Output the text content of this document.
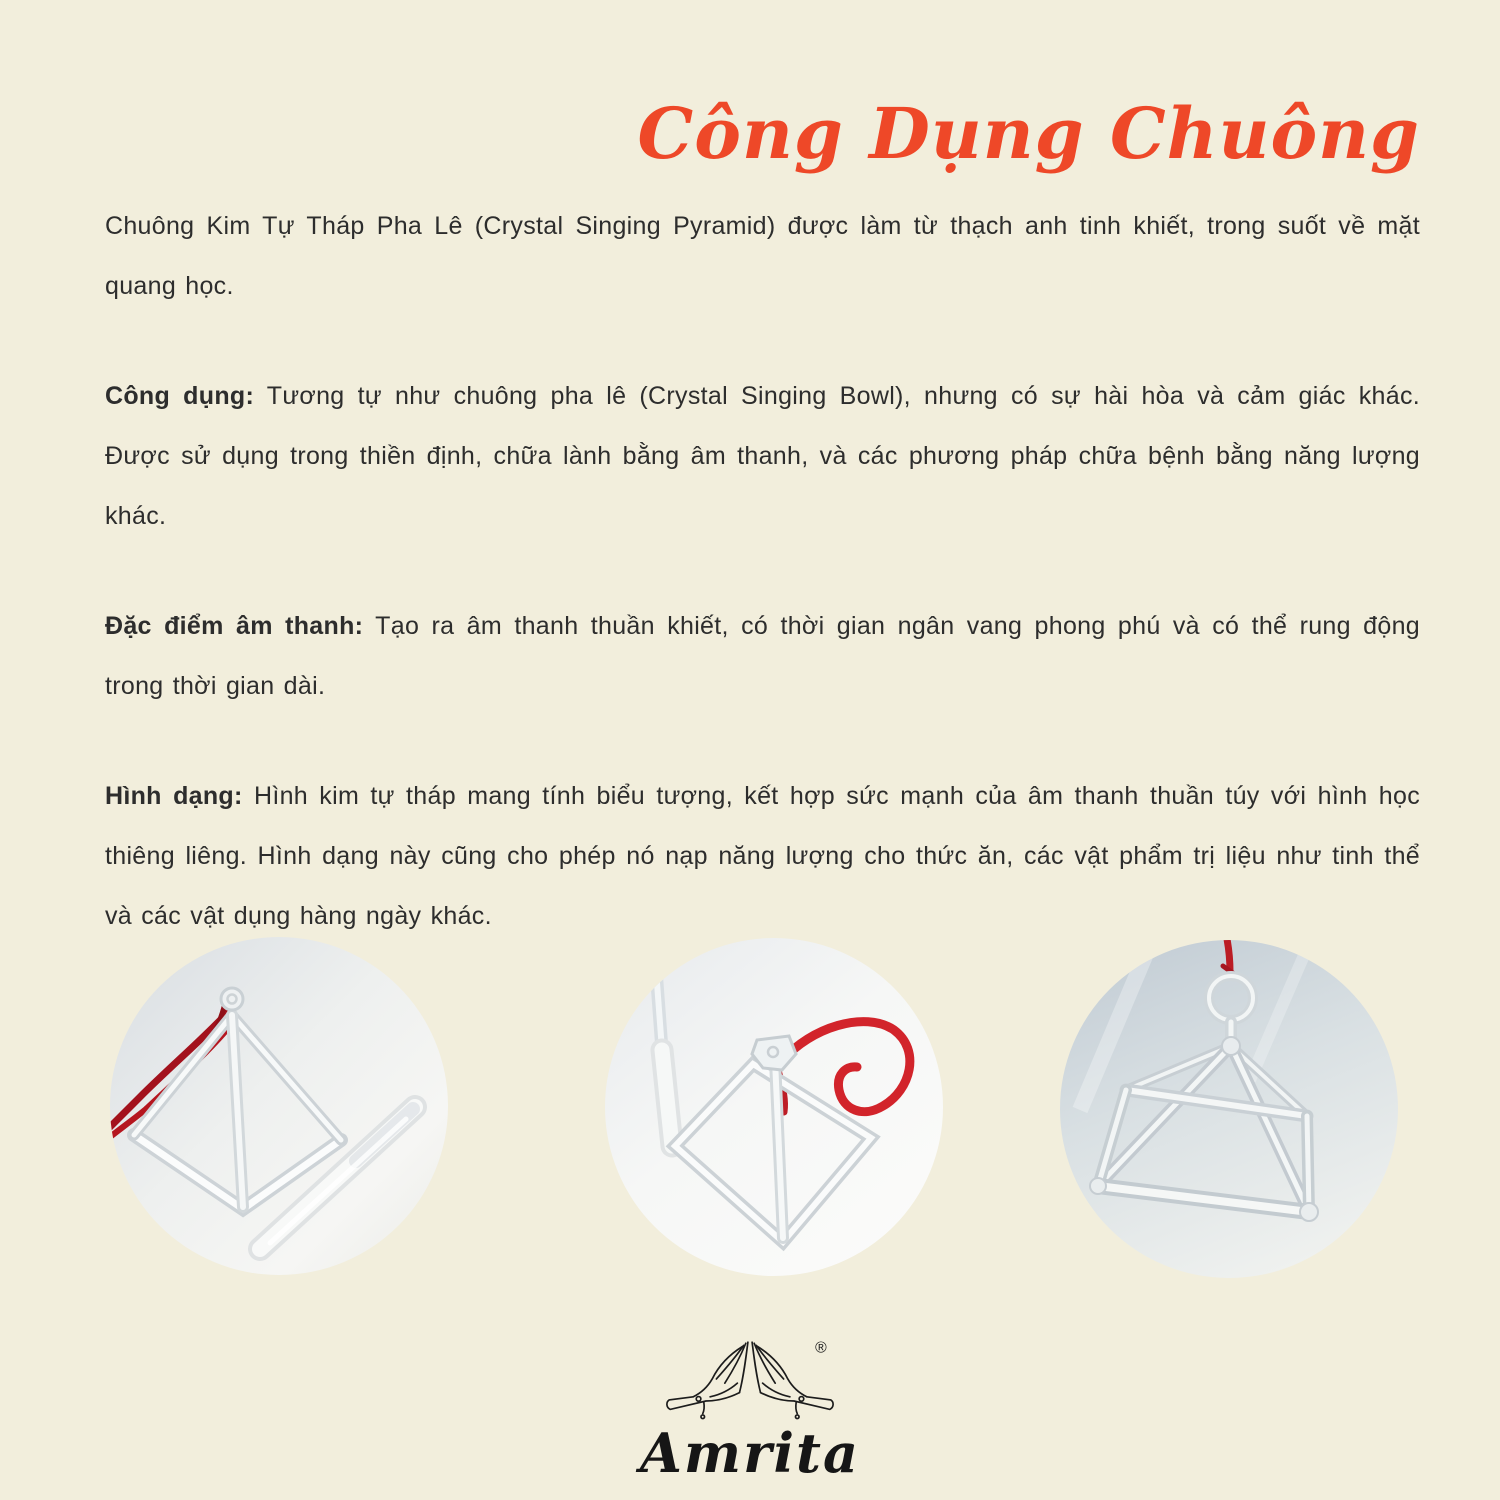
Công Dụng Chuông

Chuông Kim Tự Tháp Pha Lê (Crystal Singing Pyramid) được làm từ thạch anh tinh khiết, trong suốt về mặt quang học.

Công dụng: Tương tự như chuông pha lê (Crystal Singing Bowl), nhưng có sự hài hòa và cảm giác khác. Được sử dụng trong thiền định, chữa lành bằng âm thanh, và các phương pháp chữa bệnh bằng năng lượng khác.

Đặc điểm âm thanh: Tạo ra âm thanh thuần khiết, có thời gian ngân vang phong phú và có thể rung động trong thời gian dài.

Hình dạng: Hình kim tự tháp mang tính biểu tượng, kết hợp sức mạnh của âm thanh thuần túy với hình học thiêng liêng. Hình dạng này cũng cho phép nó nạp năng lượng cho thức ăn, các vật phẩm trị liệu như tinh thể và các vật dụng hàng ngày khác.

®
Amrita
